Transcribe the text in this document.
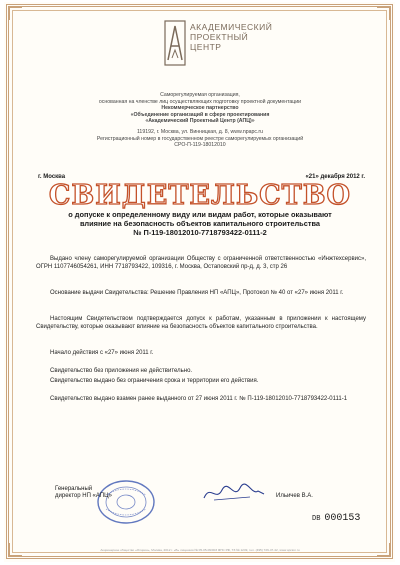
АКАДЕМИЧЕСКИЙ
ПРОЕКТНЫЙ
ЦЕНТР
Саморегулируемая организация,
основанная на членстве лиц осуществляющих подготовку проектной документации
Некоммерческое партнерство
«Объединение организаций в сфере проектирования
«Академический Проектный Центр (АПЦ)»
119192, г. Москва, ул. Винницкая, д. 8, www.npapc.ru
Регистрационный номер в государственном реестре саморегулируемых организаций
СРО-П-119-18012010
г. Москва	«21» декабря 2012 г.
СВИДЕТЕЛЬСТВО
о допуске к определенному виду или видам работ, которые оказывают
влияние на безопасность объектов капитального строительства
№ П-119-18012010-7718793422-0111-2
Выдано члену саморегулируемой организации Обществу с ограниченной ответственностью «Инжтехсервис», ОГРН 1107746054261, ИНН 7718793422, 109316, г. Москва, Остаповский пр-д, д. 3, стр 26
Основание выдачи Свидетельства: Решение Правления НП «АПЦ», Протокол № 40 от «27» июня 2011 г.
Настоящим Свидетельством подтверждается допуск к работам, указанным в приложении к настоящему Свидетельству, которые оказывают влияние на безопасность объектов капитального строительства.
Начало действия с «27» июня 2011 г.
Свидетельство без приложения не действительно.
Свидетельство выдано без ограничения срока и территории его действия.
Свидетельство выдано взамен ранее выданного от 27 июня 2011 г. № П-119-18012010-7718793422-0111-1
Генеральный
директор НП «АПЦ»	Ильичев В.А.
DB 000153
Акционерное общество «Опцион», Москва, 2012 г. «Б» лицензия № 05-05-09/003 ФНС РФ, ТЗ № 1249, тел. (495) 726-47-42, www.opcion.ru
